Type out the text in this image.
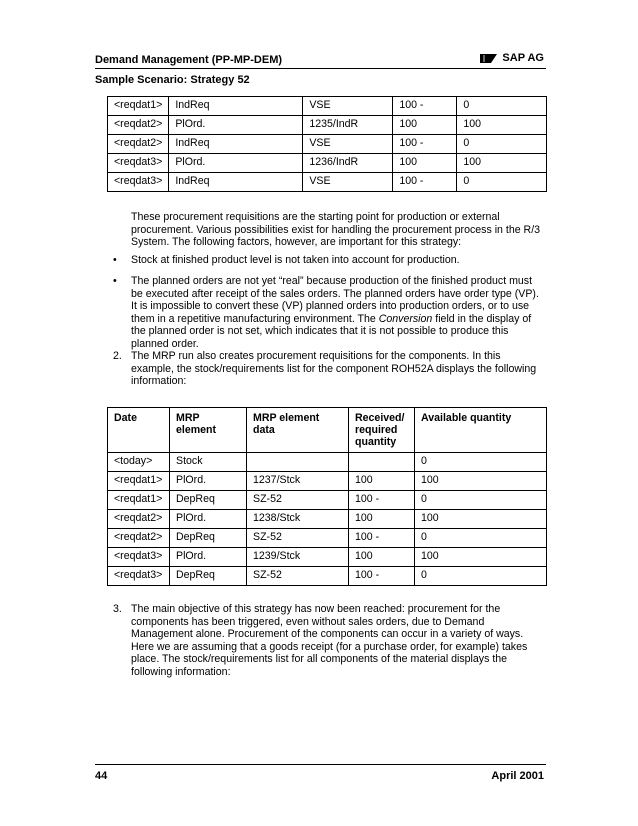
Demand Management (PP-MP-DEM)	SAP AG
Sample Scenario: Strategy 52
<reqdat1>	IndReq	VSE	100 -	0
<reqdat2>	PlOrd.	1235/IndR	100	100
<reqdat2>	IndReq	VSE	100 -	0
<reqdat3>	PlOrd.	1236/IndR	100	100
<reqdat3>	IndReq	VSE	100 -	0
These procurement requisitions are the starting point for production or external procurement. Various possibilities exist for handling the procurement process in the R/3 System. The following factors, however, are important for this strategy:
• Stock at finished product level is not taken into account for production.
• The planned orders are not yet “real” because production of the finished product must be executed after receipt of the sales orders. The planned orders have order type (VP). It is impossible to convert these (VP) planned orders into production orders, or to use them in a repetitive manufacturing environment. The Conversion field in the display of the planned order is not set, which indicates that it is not possible to produce this planned order.
2. The MRP run also creates procurement requisitions for the components. In this example, the stock/requirements list for the component ROH52A displays the following information:
Date	MRP element	MRP element data	Received/ required quantity	Available quantity
<today>	Stock			0
<reqdat1>	PlOrd.	1237/Stck	100	100
<reqdat1>	DepReq	SZ-52	100 -	0
<reqdat2>	PlOrd.	1238/Stck	100	100
<reqdat2>	DepReq	SZ-52	100 -	0
<reqdat3>	PlOrd.	1239/Stck	100	100
<reqdat3>	DepReq	SZ-52	100 -	0
3. The main objective of this strategy has now been reached: procurement for the components has been triggered, even without sales orders, due to Demand Management alone. Procurement of the components can occur in a variety of ways. Here we are assuming that a goods receipt (for a purchase order, for example) takes place. The stock/requirements list for all components of the material displays the following information:
44	April 2001
